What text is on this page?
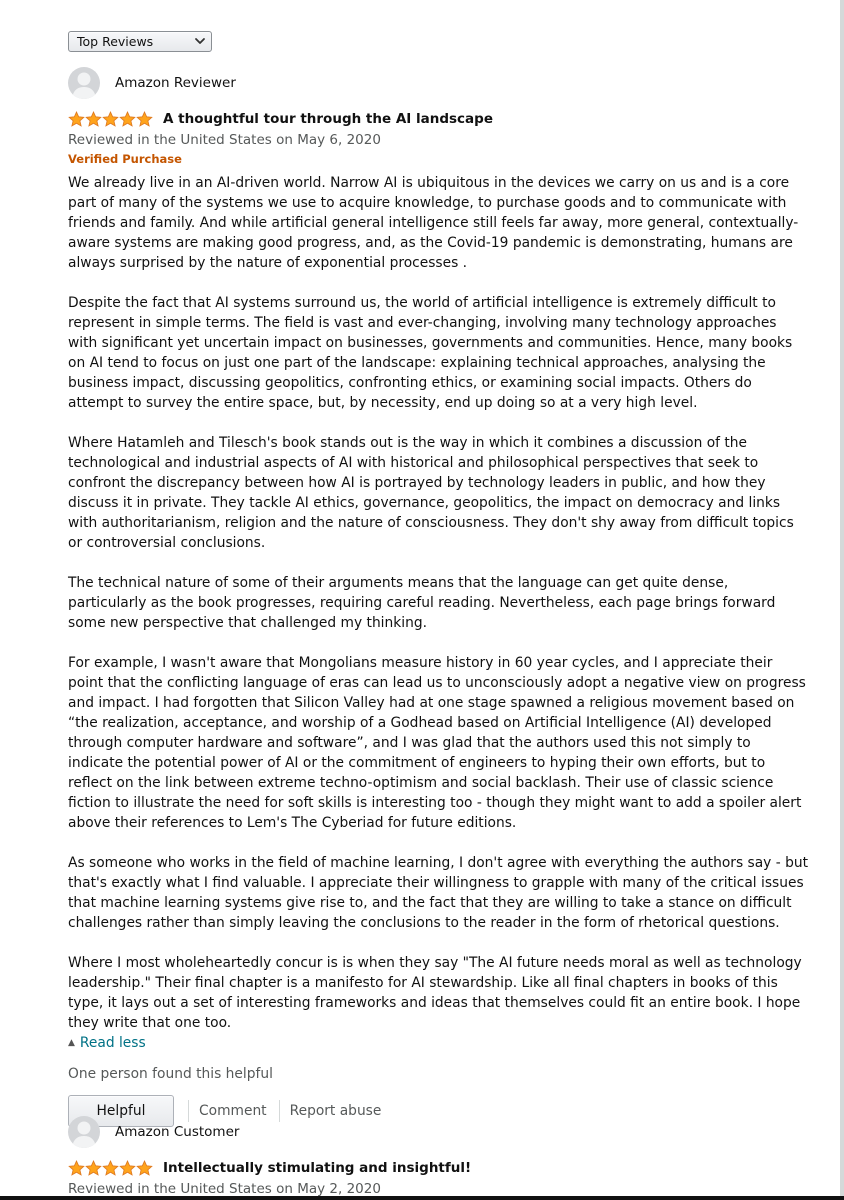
Top Reviews
Amazon Reviewer
A thoughtful tour through the AI landscape
Reviewed in the United States on May 6, 2020
Verified Purchase

We already live in an AI-driven world. Narrow AI is ubiquitous in the devices we carry on us and is a core part of many of the systems we use to acquire knowledge, to purchase goods and to communicate with friends and family. And while artificial general intelligence still feels far away, more general, contextually-aware systems are making good progress, and, as the Covid-19 pandemic is demonstrating, humans are always surprised by the nature of exponential processes .

Despite the fact that AI systems surround us, the world of artificial intelligence is extremely difficult to represent in simple terms. The field is vast and ever-changing, involving many technology approaches with significant yet uncertain impact on businesses, governments and communities. Hence, many books on AI tend to focus on just one part of the landscape: explaining technical approaches, analysing the business impact, discussing geopolitics, confronting ethics, or examining social impacts. Others do attempt to survey the entire space, but, by necessity, end up doing so at a very high level.

Where Hatamleh and Tilesch's book stands out is the way in which it combines a discussion of the technological and industrial aspects of AI with historical and philosophical perspectives that seek to confront the discrepancy between how AI is portrayed by technology leaders in public, and how they discuss it in private. They tackle AI ethics, governance, geopolitics, the impact on democracy and links with authoritarianism, religion and the nature of consciousness. They don't shy away from difficult topics or controversial conclusions.

The technical nature of some of their arguments means that the language can get quite dense, particularly as the book progresses, requiring careful reading. Nevertheless, each page brings forward some new perspective that challenged my thinking.

For example, I wasn't aware that Mongolians measure history in 60 year cycles, and I appreciate their point that the conflicting language of eras can lead us to unconsciously adopt a negative view on progress and impact. I had forgotten that Silicon Valley had at one stage spawned a religious movement based on “the realization, acceptance, and worship of a Godhead based on Artificial Intelligence (AI) developed through computer hardware and software”, and I was glad that the authors used this not simply to indicate the potential power of AI or the commitment of engineers to hyping their own efforts, but to reflect on the link between extreme techno-optimism and social backlash. Their use of classic science fiction to illustrate the need for soft skills is interesting too - though they might want to add a spoiler alert above their references to Lem's The Cyberiad for future editions.

As someone who works in the field of machine learning, I don't agree with everything the authors say - but that's exactly what I find valuable. I appreciate their willingness to grapple with many of the critical issues that machine learning systems give rise to, and the fact that they are willing to take a stance on difficult challenges rather than simply leaving the conclusions to the reader in the form of rhetorical questions.

Where I most wholeheartedly concur is is when they say "The AI future needs moral as well as technology leadership." Their final chapter is a manifesto for AI stewardship. Like all final chapters in books of this type, it lays out a set of interesting frameworks and ideas that themselves could fit an entire book. I hope they write that one too.

▲ Read less
One person found this helpful
Helpful	Comment Report abuse
Amazon Customer
Intellectually stimulating and insightful!
Reviewed in the United States on May 2, 2020
